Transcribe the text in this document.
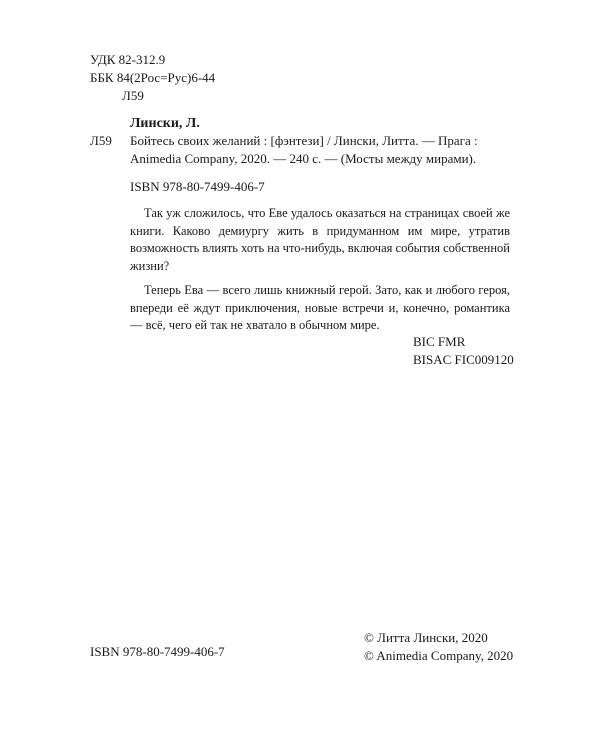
УДК 82-312.9
ББК 84(2Рос=Рус)6-44
Л59
Лински, Л.
Л59 Бойтесь своих желаний : [фэнтези] / Лински, Литта. — Прага :
Animedia Company, 2020. — 240 с. — (Мосты между мирами).
ISBN 978-80-7499-406-7

Так уж сложилось, что Еве удалось оказаться на страницах своей же книги. Каково демиургу жить в придуманном им мире, утратив возможность влиять хоть на что-нибудь, включая события собственной жизни?

Теперь Ева — всего лишь книжный герой. Зато, как и любого героя, впереди её ждут приключения, новые встречи и, конечно, романтика — всё, чего ей так не хватало в обычном мире.

BIC FMR
BISAC FIC009120
ISBN 978-80-7499-406-7
© Литта Лински, 2020
© Animedia Company, 2020
